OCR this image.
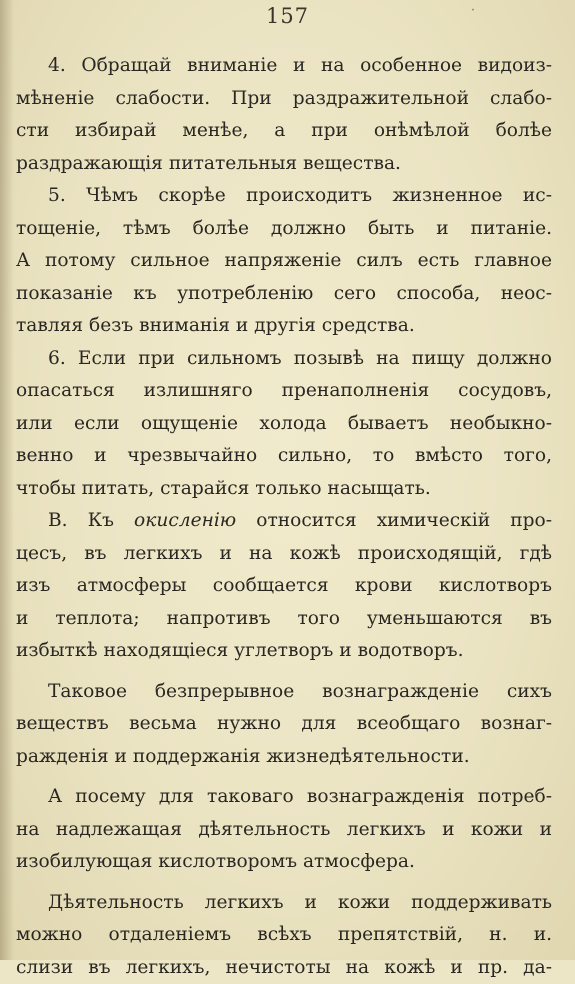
157	˙
4. Обращай вниманіе и на особенное видоиз-
мѣненіе слабости. При раздражительной слабо-
сти избирай менѣе, а при онѣмѣлой болѣе
раздражающія питательныя вещества.
5. Чѣмъ скорѣе происходитъ жизненное ис-
тощеніе, тѣмъ болѣе должно быть и питаніе.
А потому сильное напряженіе силъ есть главное
показаніе къ употребленію сего способа, неос-
тавляя безъ вниманія и другія средства.
6. Если при сильномъ позывѣ на пищу должно
опасаться излишняго пренаполненія сосудовъ,
или если ощущеніе холода бываетъ необыкно-
венно и чрезвычайно сильно, то вмѣсто того,
чтобы питать, старайся только насыщать.
В. Къ окисленію относится химическій про-
цесъ, въ легкихъ и на кожѣ происходящій, гдѣ
изъ атмосферы сообщается крови кислотворъ
и теплота; напротивъ того уменьшаются въ
избыткѣ находящіеся углетворъ и водотворъ.
Таковое безпрерывное вознагражденіе сихъ
веществъ весьма нужно для всеобщаго вознаг-
ражденія и поддержанія жизнедѣятельности.
А посему для таковаго вознагражденія потреб-
на надлежащая дѣятельность легкихъ и кожи и
изобилующая кислотворомъ атмосфера.
Дѣятельность легкихъ и кожи поддерживать
можно отдаленіемъ всѣхъ препятствій, н. и.
слизи въ легкихъ, нечистоты на кожѣ и пр. да-
